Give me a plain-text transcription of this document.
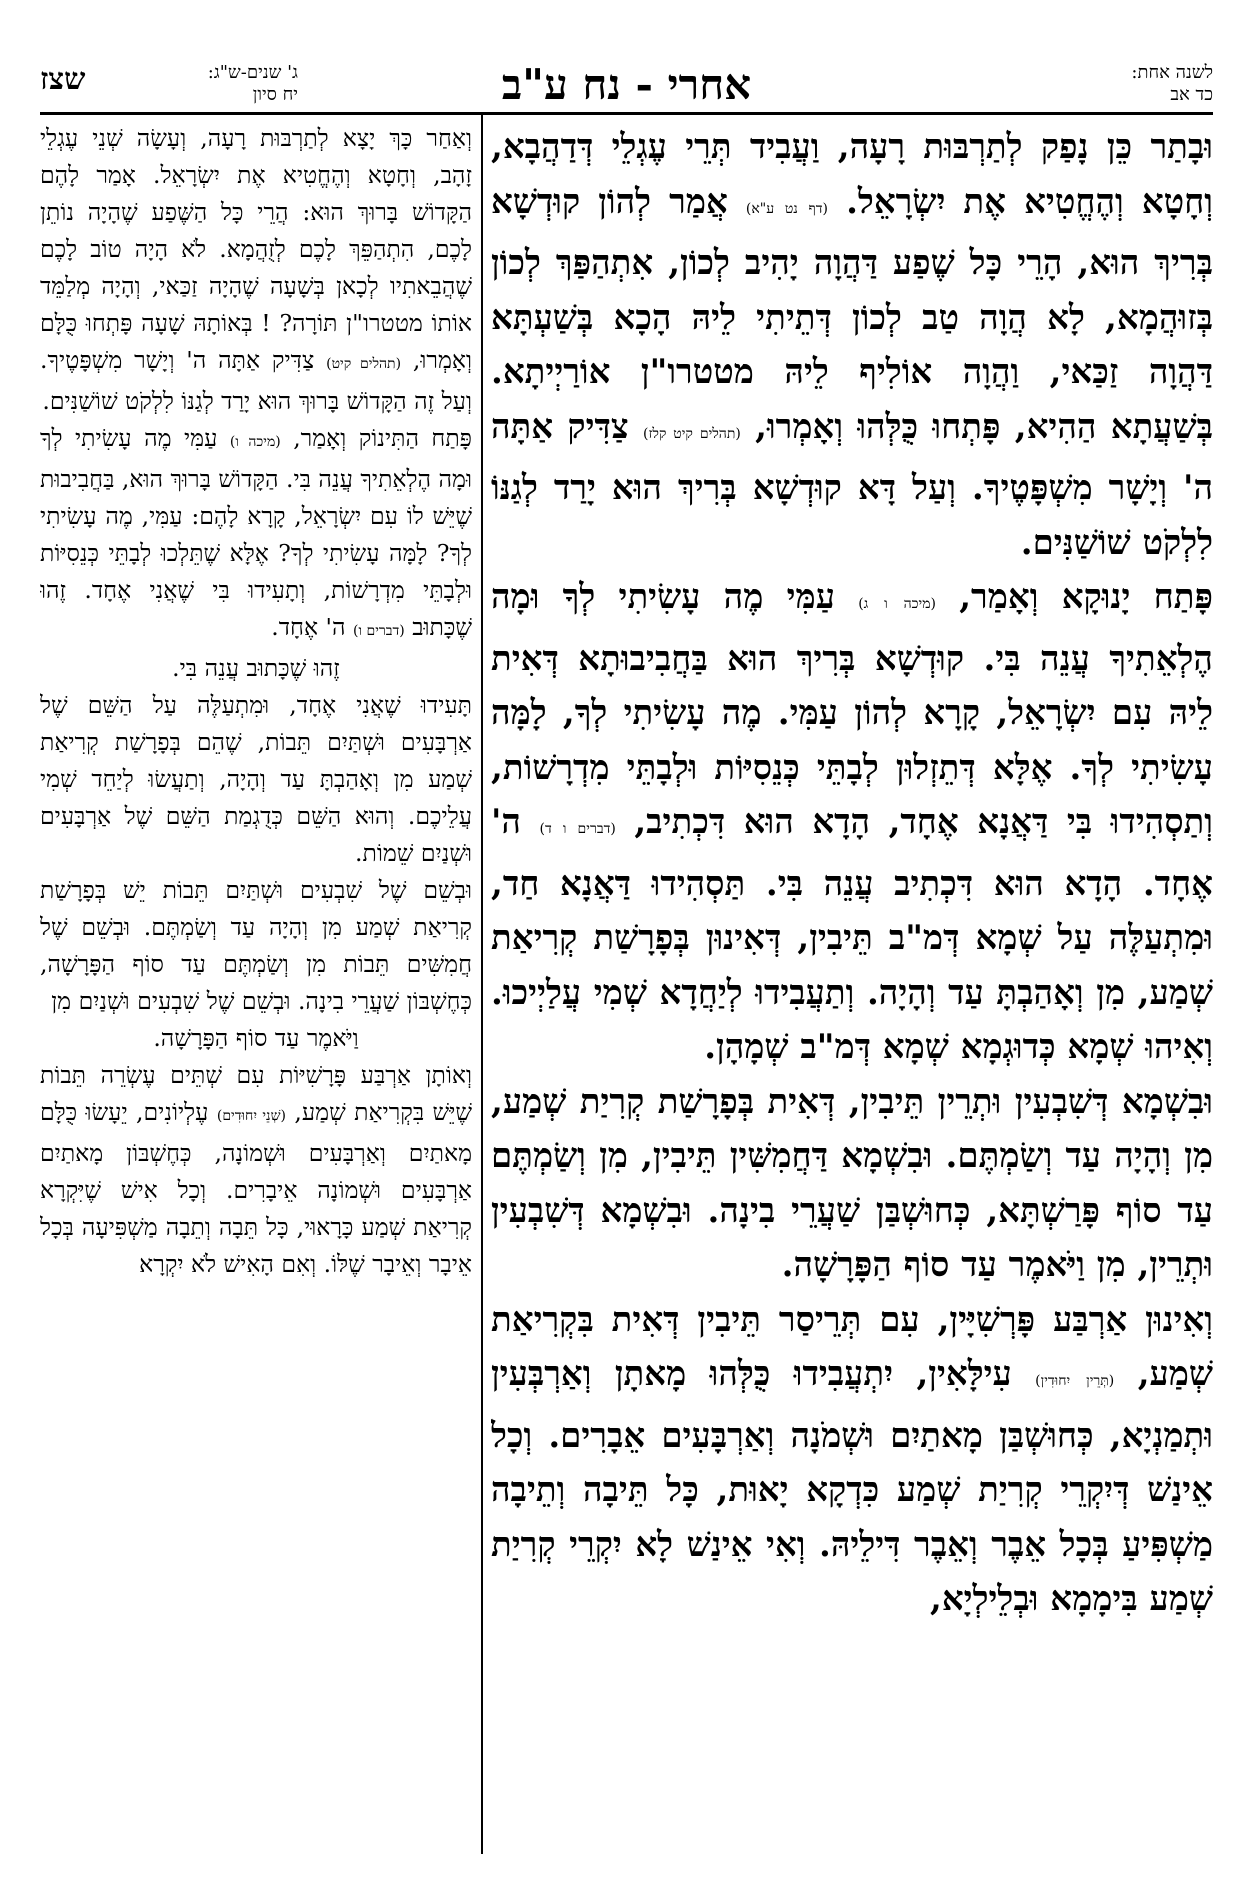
שצז	ג' שנים-ש"ג:
יח סיון	אחרי - נח ע"ב	לשנה אחת:
כד אב

וּבָתַר כֵּן נָפַק לְתַרְבּוּת רָעָה, וַעֲבִיד תְּרֵי עֶגְלֵי דְּדַהֲבָא, וְחָטָא וְהֶחֱטִיא אֶת יִשְׂרָאֵל. (דף נט ע"א) אֲמַר לְהוֹן קוּדְשָׁא בְּרִיךְ הוּא, הָרֵי כָּל שֶׁפַע דַּהֲוָה יָהִיב לְכוֹן, אִתְהַפַּךְ לְכוֹן בְּזוּהֲמָא, לָא הֲוָה טַב לְכוֹן דְּתֵיתִי לֵיהּ הָכָא בְּשַׁעְתָּא דַּהֲוָה זַכַּאי, וַהֲוָה אוֹלִיף לֵיהּ מטטרו"ן אוֹרַיְיתָא. בְּשַׁעֲתָא הַהִיא, פָּתְחוּ כֻּלְּהוּ וְאָמְרוּ, (תהלים קיט קלז) צַדִּיק אַתָּה ה' וְיָשָׁר מִשְׁפָּטֶיךָ. וְעַל דָּא קוּדְשָׁא בְּרִיךְ הוּא יָרַד לְגַנּוֹ לִלְקֹט שׁוֹשַׁנִּים.

פָּתַח יָנוּקָא וְאָמַר, (מיכה ו ג) עַמִּי מֶה עָשִׂיתִי לְךָ וּמָה הֶלְאֵתִיךָ עֲנֵה בִּי. קוּדְשָׁא בְּרִיךְ הוּא בַּחֲבִיבוּתָא דְּאִית לֵיהּ עִם יִשְׂרָאֵל, קָרָא לְהוֹן עַמִּי. מֶה עָשִׂיתִי לְךָ, לָמָּה עָשִׂיתִי לְךָ. אֶלָּא דְּתֵזְלוּן לְבָתֵּי כְּנֵסִיּוֹת וּלְבָתֵּי מִדְרָשׁוֹת, וְתַסְהִידוּ בִּי דַּאֲנָא אֶחָד, הָדָא הוּא דִּכְתִיב, (דברים ו ד) ה' אֶחָד. הָדָא הוּא דִּכְתִיב עֲנֵה בִּי. תַּסְהִידוּ דַּאֲנָא חַד, וּמִתְעַלֶּה עַל שְׁמָא דְּמ"ב תֵּיבִין, דְּאִינוּן בְּפָרָשַׁת קְרִיאַת שְׁמַע, מִן וְאָהַבְתָּ עַד וְהָיָה. וְתַעֲבִידוּ לְיַחֲדָא שְׁמִי עֲלַיְיכוּ. וְאִיהוּ שְׁמָא כְּדוּגְמָא שְׁמָא דְּמ"ב שְׁמָהָן.

וּבִשְׁמָא דְּשִׁבְעִין וּתְרֵין תֵּיבִין, דְּאִית בְּפָרָשַׁת קְרִיַת שְׁמַע, מִן וְהָיָה עַד וְשַׂמְתֶּם. וּבִשְׁמָא דַּחֲמִשִּׁין תֵּיבִין, מִן וְשַׂמְתֶּם עַד סוֹף פָּרַשְׁתָּא, כְּחוּשְׁבַּן שַׁעֲרֵי בִינָה. וּבִשְׁמָא דְּשִׁבְעִין וּתְרֵין, מִן וַיֹּאמֶר עַד סוֹף הַפָּרָשָׁה.

וְאִינוּן אַרְבַּע פָּרְשִׁיָּין, עִם תְּרֵיסַר תֵּיבִין דְּאִית בִּקְרִיאַת שְׁמַע, (תְּרֵין יִחוּדִין) עִילָּאִין, יִתְעֲבִידוּ כֻּלְּהוּ מָאתָן וְאַרְבְּעִין וּתְמַנְיָא, כְּחוּשְׁבַּן מָאתַיִם וּשְׁמֹנָה וְאַרְבָּעִים אֵבָרִים. וְכָל אֵינַשׁ דְּיִקְרֵי קְרִיַת שְׁמַע כִּדְקָא יָאוּת, כָּל תֵּיבָה וְתֵיבָה מַשְׁפִּיעַ בְּכָל אֵבֶר וְאֵבֶר דִּילֵיהּ. וְאִי אֵינַשׁ לָא יִקְרֵי קְרִיַת שְׁמַע בִּימָמָא וּבְלֵילְיָא,

וְאַחַר כָּךְ יָצָא לְתַרְבּוּת רָעָה, וְעָשָׂה שְׁנֵי עֶגְלֵי זָהָב, וְחָטָא וְהֶחֱטִיא אֶת יִשְׂרָאֵל. אָמַר לָהֶם הַקָּדוֹשׁ בָּרוּךְ הוּא: הֲרֵי כָּל הַשֶּׁפַע שֶׁהָיָה נוֹתֵן לָכֶם, הִתְהַפֵּךְ לָכֶם לְזֻהֲמָא. לֹא הָיָה טוֹב לָכֶם שֶׁהֲבֵאתִיו לְכָאן בְּשָׁעָה שֶׁהָיָה זַכַּאי, וְהָיָה מְלַמֵּד אוֹתוֹ מטטרו"ן תּוֹרָה? ! בְּאוֹתָהּ שָׁעָה פָּתְחוּ כֻּלָּם וְאָמְרוּ, (תהלים קיט) צַדִּיק אַתָּה ה' וְיָשָׁר מִשְׁפָּטֶיךָ. וְעַל זֶה הַקָּדוֹשׁ בָּרוּךְ הוּא יָרַד לְגַנּוֹ לִלְקֹט שׁוֹשַׁנִּים.

פָּתַח הַתִּינוֹק וְאָמַר, (מיכה ו) עַמִּי מֶה עָשִׂיתִי לְךָ וּמָה הֶלְאֵתִיךָ עֲנֵה בִּי. הַקָּדוֹשׁ בָּרוּךְ הוּא, בַּחֲבִיבוּת שֶׁיֵּשׁ לוֹ עִם יִשְׂרָאֵל, קָרָא לָהֶם: עַמִּי, מֶה עָשִׂיתִי לְךָ? לָמָּה עָשִׂיתִי לְךָ? אֶלָּא שֶׁתֵּלְכוּ לְבָתֵּי כְּנֵסִיּוֹת וּלְבָתֵּי מִדְרָשׁוֹת, וְתָעִידוּ בִּי שֶׁאֲנִי אֶחָד. זֶהוּ שֶׁכָּתוּב (דברים ו) ה' אֶחָד.

זֶהוּ שֶׁכָּתוּב עֲנֵה בִּי.

תָּעִידוּ שֶׁאֲנִי אֶחָד, וּמִתְעַלֶּה עַל הַשֵּׁם שֶׁל אַרְבָּעִים וּשְׁתַּיִם תֵּבוֹת, שֶׁהֵם בְּפָרָשַׁת קְרִיאַת שְׁמַע מִן וְאָהַבְתָּ עַד וְהָיָה, וְתַעֲשׂוּ לְיַחֵד שְׁמִי עֲלֵיכֶם. וְהוּא הַשֵּׁם כְּדֻגְמַת הַשֵּׁם שֶׁל אַרְבָּעִים וּשְׁנַיִם שֵׁמוֹת.

וּבְשֵׁם שֶׁל שִׁבְעִים וּשְׁתַּיִם תֵּבוֹת יֵשׁ בְּפָרָשַׁת קְרִיאַת שְׁמַע מִן וְהָיָה עַד וְשַׂמְתֶּם. וּבְשֵׁם שֶׁל חֲמִשִּׁים תֵּבוֹת מִן וְשַׂמְתֶּם עַד סוֹף הַפָּרָשָׁה, כְּחֶשְׁבּוֹן שַׁעֲרֵי בִינָה. וּבְשֵׁם שֶׁל שִׁבְעִים וּשְׁנַיִם מִן

וַיֹּאמֶר עַד סוֹף הַפָּרָשָׁה.

וְאוֹתָן אַרְבַּע פָּרָשִׁיּוֹת עִם שְׁתֵּים עֶשְׂרֵה תֵּבוֹת שֶׁיֵּשׁ בִּקְרִיאַת שְׁמַע, (שְׁנֵי יִחוּדִים) עֶלְיוֹנִים, יֵעָשׂוּ כֻּלָּם מָאתַיִם וְאַרְבָּעִים וּשְׁמוֹנָה, כְּחֶשְׁבּוֹן מָאתַיִם אַרְבָּעִים וּשְׁמוֹנָה אֵיבָרִים. וְכָל אִישׁ שֶׁיִּקְרָא קְרִיאַת שְׁמַע כָּרָאוּי, כָּל תֵּבָה וְתֵבָה מַשְׁפִּיעָה בְּכָל אֵיבָר וְאֵיבָר שֶׁלּוֹ. וְאִם הָאִישׁ לֹא יִקְרָא
